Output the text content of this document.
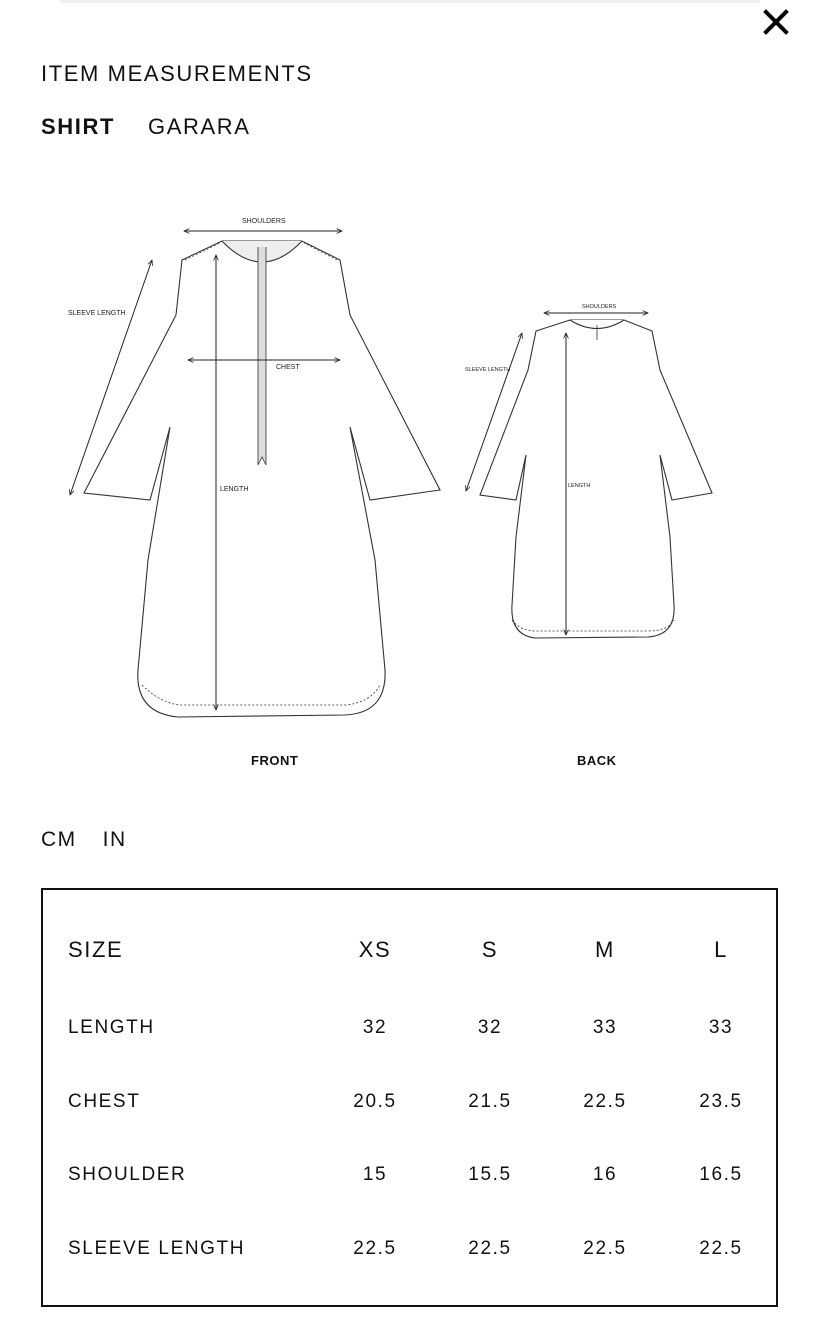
ITEM MEASUREMENTS
SHIRT GARARA
SHOULDERS
SLEEVE LENGTH
CHEST
LENGTH
SHOULDERS
SLEEVE LENGTH
LENGTH
FRONT	BACK
CM IN
SIZE	XS	S	M	L
LENGTH	32	32	33	33
CHEST	20.5	21.5	22.5	23.5
SHOULDER	15	15.5	16	16.5
SLEEVE LENGTH	22.5	22.5	22.5	22.5
